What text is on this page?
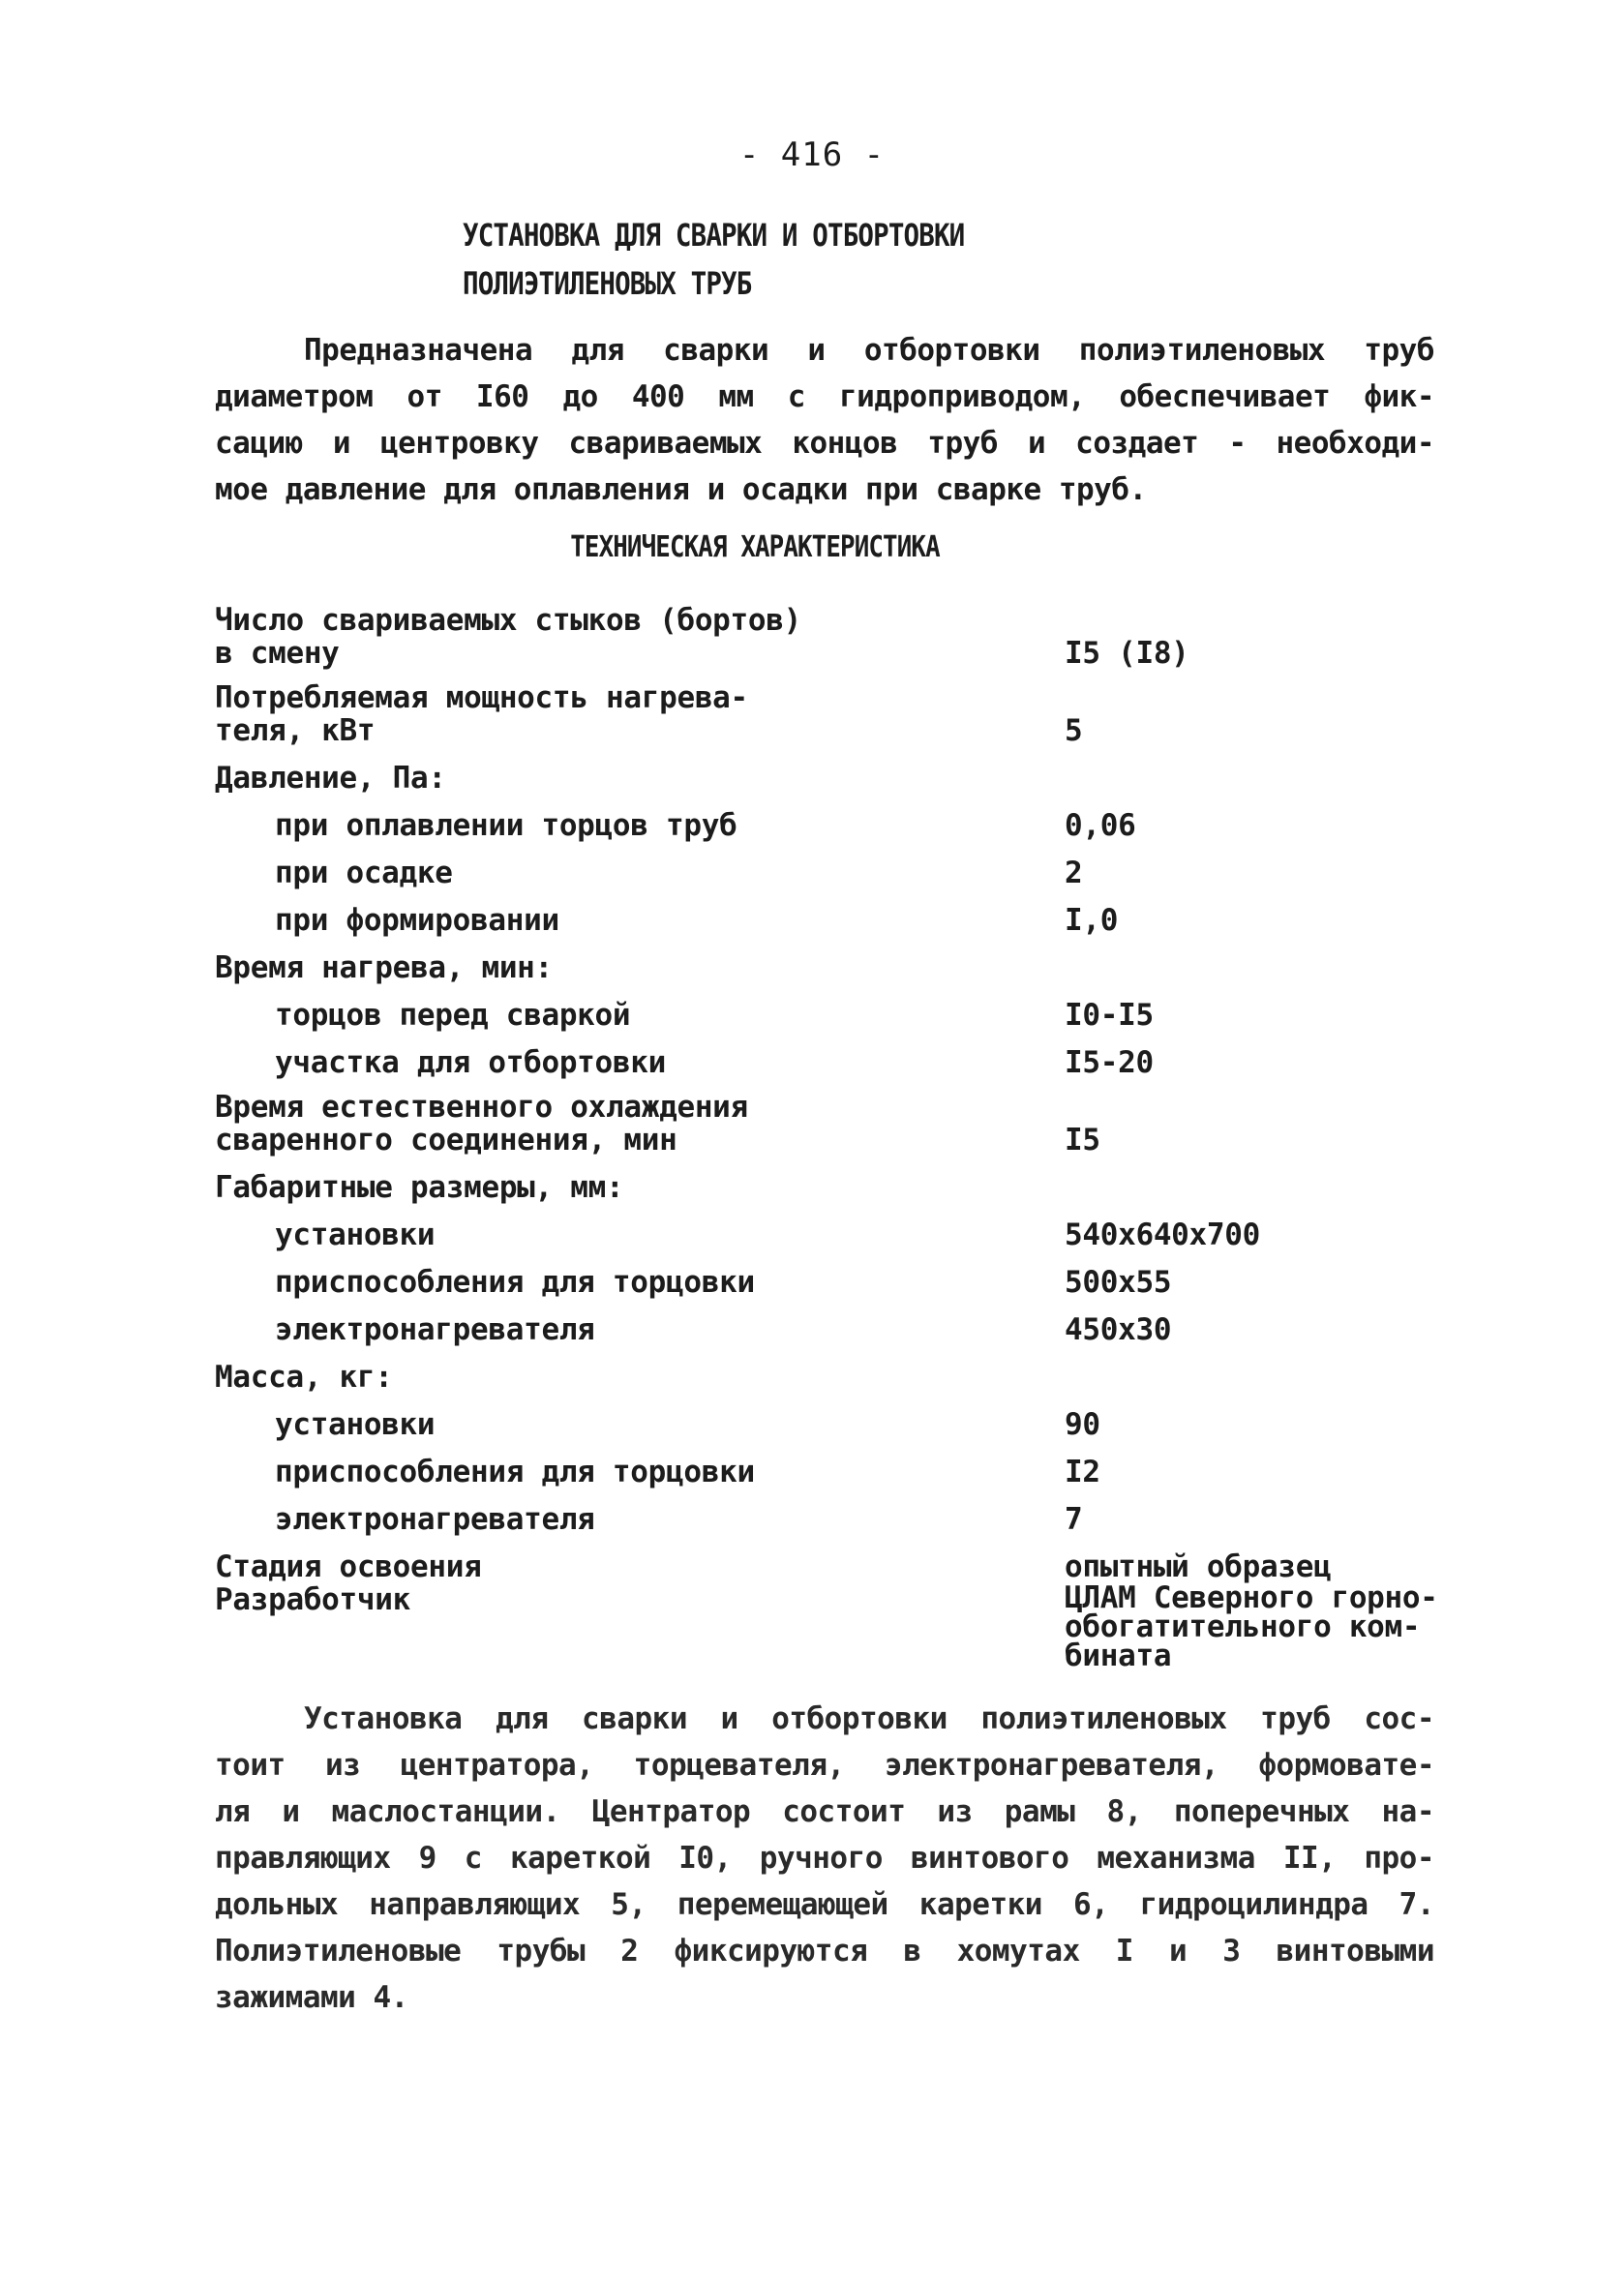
- 416 -
УСТАНОВКА ДЛЯ СВАРКИ И ОТБОРТОВКИ
ПОЛИЭТИЛЕНОВЫХ ТРУБ
Предназначена для сварки и отбортовки полиэтиленовых труб
диаметром от I60 до 400 мм с гидроприводом, обеспечивает фик-
сацию и центровку свариваемых концов труб и создает - необходи-
мое давление для оплавления и осадки при сварке труб.
ТЕХНИЧЕСКАЯ ХАРАКТЕРИСТИКА
Число свариваемых стыков (бортов)
в смену	I5 (I8)
Потребляемая мощность нагрева-
теля, кВт	5
Давление, Па:
при оплавлении торцов труб	0,06
при осадке	2
при формировании	I,0
Время нагрева, мин:
торцов перед сваркой	I0-I5
участка для отбортовки	I5-20
Время естественного охлаждения
сваренного соединения, мин	I5
Габаритные размеры, мм:
установки	540x640x700
приспособления для торцовки	500x55
электронагревателя	450x30
Масса, кг:
установки	90
приспособления для торцовки	I2
электронагревателя	7
Стадия освоения	опытный образец
Разработчик	ЦЛАМ Северного горно-
обогатительного ком-
бината
Установка для сварки и отбортовки полиэтиленовых труб сос-
тоит из центратора, торцевателя, электронагревателя, формовате-
ля и маслостанции. Центратор состоит из рамы 8, поперечных на-
правляющих 9 с кареткой I0, ручного винтового механизма II, про-
дольных направляющих 5, перемещающей каретки 6, гидроцилиндра 7.
Полиэтиленовые трубы 2 фиксируются в хомутах I и 3 винтовыми
зажимами 4.
